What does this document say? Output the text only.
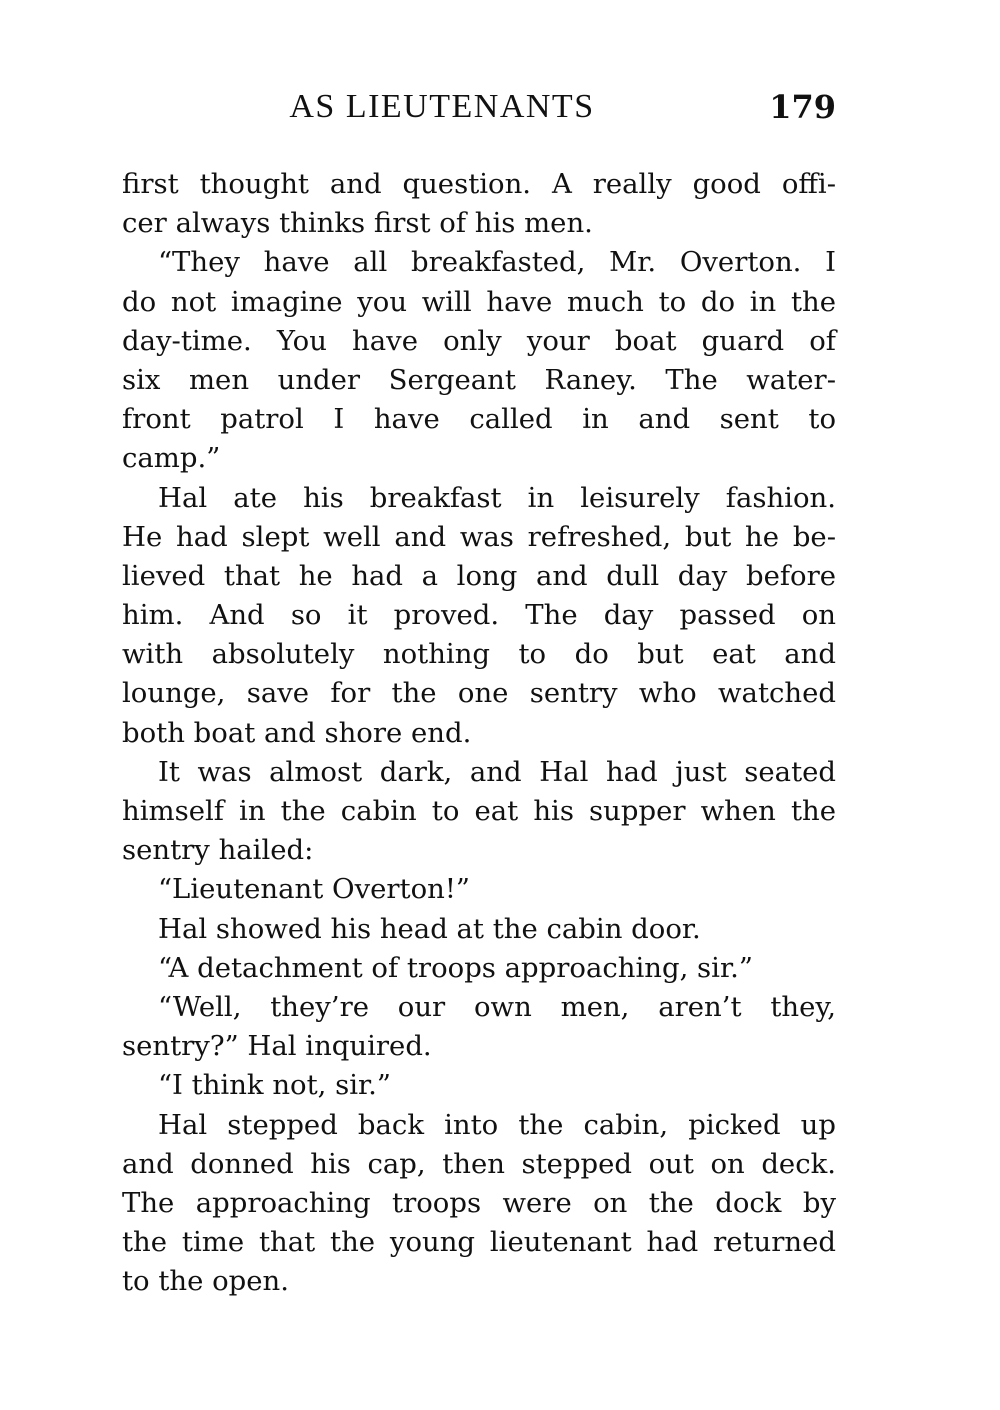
AS LIEUTENANTS	179
first thought and question. A really good offi-
cer always thinks first of his men.
“They have all breakfasted, Mr. Overton. I
do not imagine you will have much to do in the
day-time. You have only your boat guard of
six men under Sergeant Raney. The water-
front patrol I have called in and sent to
camp.”
Hal ate his breakfast in leisurely fashion.
He had slept well and was refreshed, but he be-
lieved that he had a long and dull day before
him. And so it proved. The day passed on
with absolutely nothing to do but eat and
lounge, save for the one sentry who watched
both boat and shore end.
It was almost dark, and Hal had just seated
himself in the cabin to eat his supper when the
sentry hailed:
“Lieutenant Overton!”
Hal showed his head at the cabin door.
“A detachment of troops approaching, sir.”
“Well, they’re our own men, aren’t they,
sentry?” Hal inquired.
“I think not, sir.”
Hal stepped back into the cabin, picked up
and donned his cap, then stepped out on deck.
The approaching troops were on the dock by
the time that the young lieutenant had returned
to the open.
